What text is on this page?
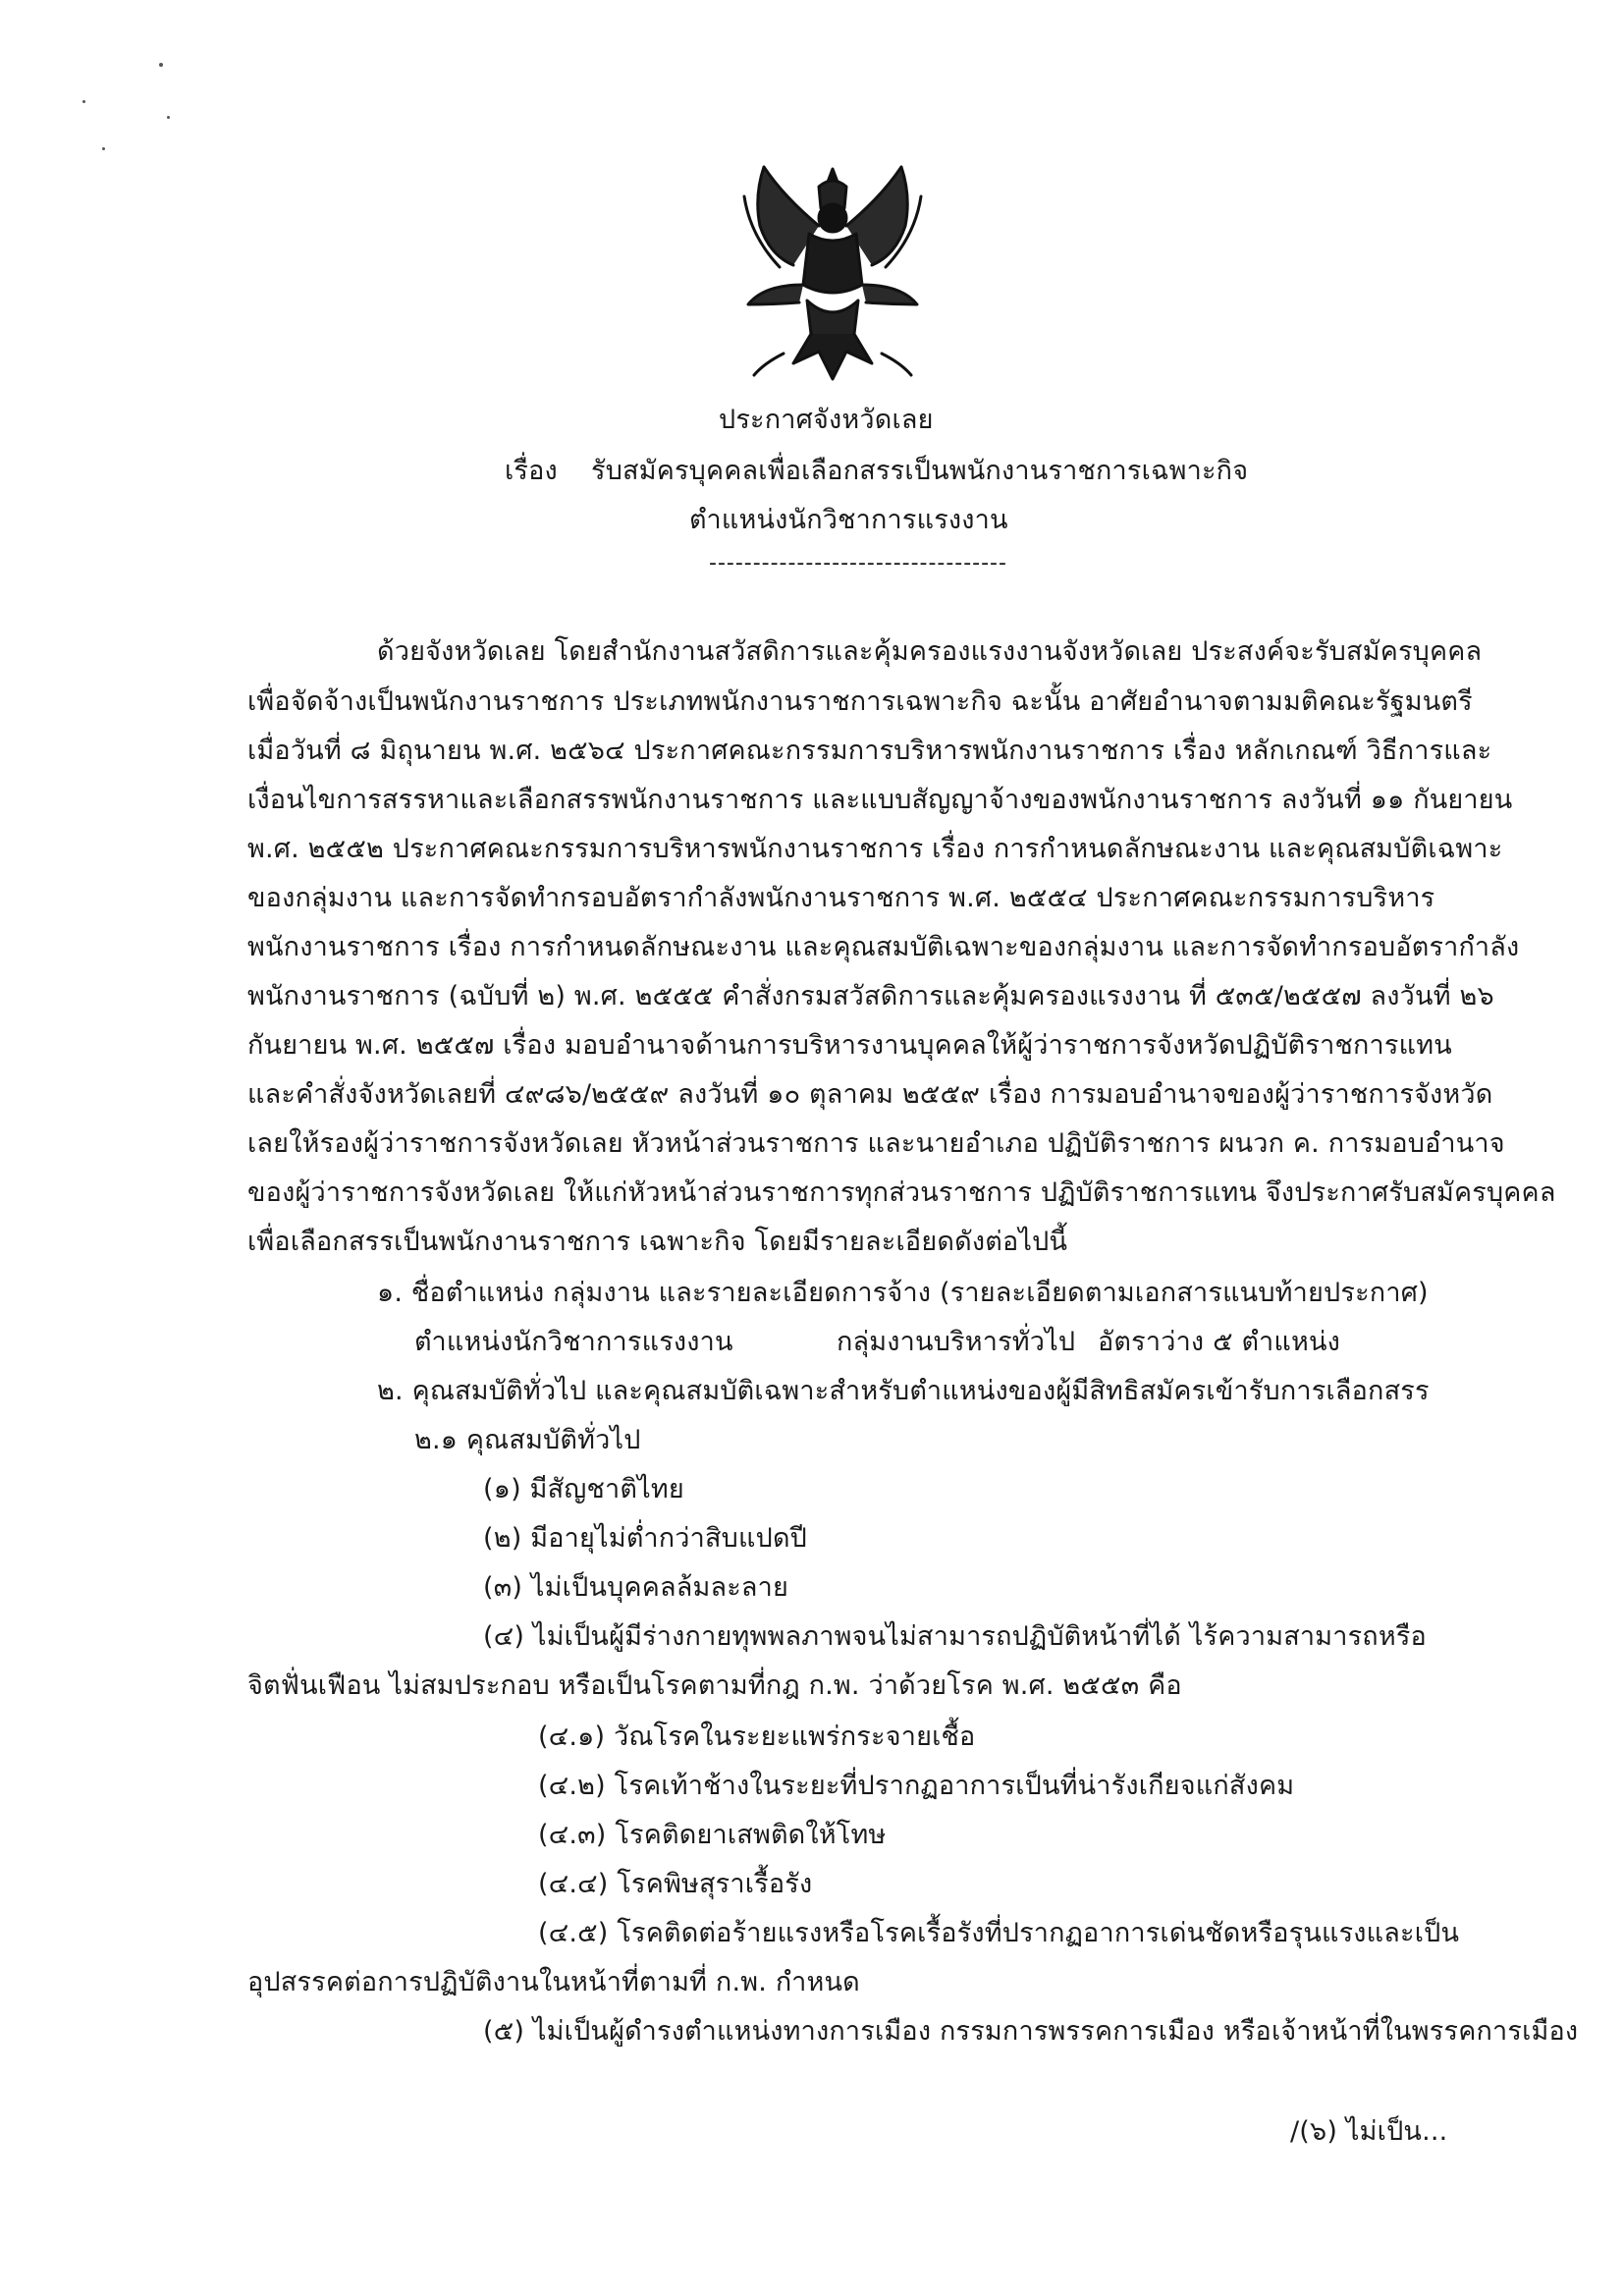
ประกาศจังหวัดเลย
เรื่อง รับสมัครบุคคลเพื่อเลือกสรรเป็นพนักงานราชการเฉพาะกิจ
ตำแหน่งนักวิชาการแรงงาน
----------------------------------
ด้วยจังหวัดเลย โดยสำนักงานสวัสดิการและคุ้มครองแรงงานจังหวัดเลย ประสงค์จะรับสมัครบุคคล
เพื่อจัดจ้างเป็นพนักงานราชการ ประเภทพนักงานราชการเฉพาะกิจ ฉะนั้น อาศัยอำนาจตามมติคณะรัฐมนตรี
เมื่อวันที่ ๘ มิถุนายน พ.ศ. ๒๕๖๔ ประกาศคณะกรรมการบริหารพนักงานราชการ เรื่อง หลักเกณฑ์ วิธีการและ
เงื่อนไขการสรรหาและเลือกสรรพนักงานราชการ และแบบสัญญาจ้างของพนักงานราชการ ลงวันที่ ๑๑ กันยายน
พ.ศ. ๒๕๕๒ ประกาศคณะกรรมการบริหารพนักงานราชการ เรื่อง การกำหนดลักษณะงาน และคุณสมบัติเฉพาะ
ของกลุ่มงาน และการจัดทำกรอบอัตรากำลังพนักงานราชการ พ.ศ. ๒๕๕๔ ประกาศคณะกรรมการบริหาร
พนักงานราชการ เรื่อง การกำหนดลักษณะงาน และคุณสมบัติเฉพาะของกลุ่มงาน และการจัดทำกรอบอัตรากำลัง
พนักงานราชการ (ฉบับที่ ๒) พ.ศ. ๒๕๕๕ คำสั่งกรมสวัสดิการและคุ้มครองแรงงาน ที่ ๕๓๕/๒๕๕๗ ลงวันที่ ๒๖
กันยายน พ.ศ. ๒๕๕๗ เรื่อง มอบอำนาจด้านการบริหารงานบุคคลให้ผู้ว่าราชการจังหวัดปฏิบัติราชการแทน
และคำสั่งจังหวัดเลยที่ ๔๙๘๖/๒๕๕๙ ลงวันที่ ๑๐ ตุลาคม ๒๕๕๙ เรื่อง การมอบอำนาจของผู้ว่าราชการจังหวัด
เลยให้รองผู้ว่าราชการจังหวัดเลย หัวหน้าส่วนราชการ และนายอำเภอ ปฏิบัติราชการ ผนวก ค. การมอบอำนาจ
ของผู้ว่าราชการจังหวัดเลย ให้แก่หัวหน้าส่วนราชการทุกส่วนราชการ ปฏิบัติราชการแทน จึงประกาศรับสมัครบุคคล
เพื่อเลือกสรรเป็นพนักงานราชการ เฉพาะกิจ โดยมีรายละเอียดดังต่อไปนี้
๑. ชื่อตำแหน่ง กลุ่มงาน และรายละเอียดการจ้าง (รายละเอียดตามเอกสารแนบท้ายประกาศ)
ตำแหน่งนักวิชาการแรงงาน	กลุ่มงานบริหารทั่วไป อัตราว่าง ๕ ตำแหน่ง
๒. คุณสมบัติทั่วไป และคุณสมบัติเฉพาะสำหรับตำแหน่งของผู้มีสิทธิสมัครเข้ารับการเลือกสรร
๒.๑ คุณสมบัติทั่วไป
(๑) มีสัญชาติไทย
(๒) มีอายุไม่ต่ำกว่าสิบแปดปี
(๓) ไม่เป็นบุคคลล้มละลาย
(๔) ไม่เป็นผู้มีร่างกายทุพพลภาพจนไม่สามารถปฏิบัติหน้าที่ได้ ไร้ความสามารถหรือ
จิตฟั่นเฟือน ไม่สมประกอบ หรือเป็นโรคตามที่กฎ ก.พ. ว่าด้วยโรค พ.ศ. ๒๕๕๓ คือ
(๔.๑) วัณโรคในระยะแพร่กระจายเชื้อ
(๔.๒) โรคเท้าช้างในระยะที่ปรากฏอาการเป็นที่น่ารังเกียจแก่สังคม
(๔.๓) โรคติดยาเสพติดให้โทษ
(๔.๔) โรคพิษสุราเรื้อรัง
(๔.๕) โรคติดต่อร้ายแรงหรือโรคเรื้อรังที่ปรากฏอาการเด่นชัดหรือรุนแรงและเป็น
อุปสรรคต่อการปฏิบัติงานในหน้าที่ตามที่ ก.พ. กำหนด
(๕) ไม่เป็นผู้ดำรงตำแหน่งทางการเมือง กรรมการพรรคการเมือง หรือเจ้าหน้าที่ในพรรคการเมือง
/(๖) ไม่เป็น...
